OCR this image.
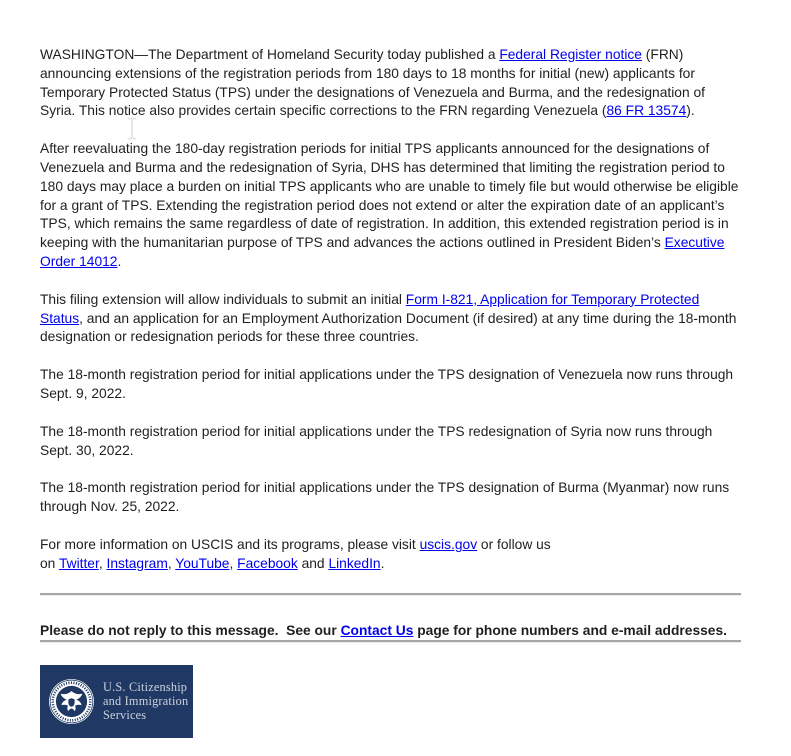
WASHINGTON—The Department of Homeland Security today published a Federal Register notice (FRN) announcing extensions of the registration periods from 180 days to 18 months for initial (new) applicants for Temporary Protected Status (TPS) under the designations of Venezuela and Burma, and the redesignation of Syria. This notice also provides certain specific corrections to the FRN regarding Venezuela (86 FR 13574).

After reevaluating the 180-day registration periods for initial TPS applicants announced for the designations of Venezuela and Burma and the redesignation of Syria, DHS has determined that limiting the registration period to 180 days may place a burden on initial TPS applicants who are unable to timely file but would otherwise be eligible for a grant of TPS. Extending the registration period does not extend or alter the expiration date of an applicant’s TPS, which remains the same regardless of date of registration. In addition, this extended registration period is in keeping with the humanitarian purpose of TPS and advances the actions outlined in President Biden’s Executive Order 14012.

This filing extension will allow individuals to submit an initial Form I-821, Application for Temporary Protected Status, and an application for an Employment Authorization Document (if desired) at any time during the 18-month designation or redesignation periods for these three countries.

The 18-month registration period for initial applications under the TPS designation of Venezuela now runs through Sept. 9, 2022.

The 18-month registration period for initial applications under the TPS redesignation of Syria now runs through Sept. 30, 2022.

The 18-month registration period for initial applications under the TPS designation of Burma (Myanmar) now runs through Nov. 25, 2022.

For more information on USCIS and its programs, please visit uscis.gov or follow us
on Twitter, Instagram, YouTube, Facebook and LinkedIn.

Please do not reply to this message.  See our Contact Us page for phone numbers and e-mail addresses.

U.S. Citizenship
and Immigration
Services
